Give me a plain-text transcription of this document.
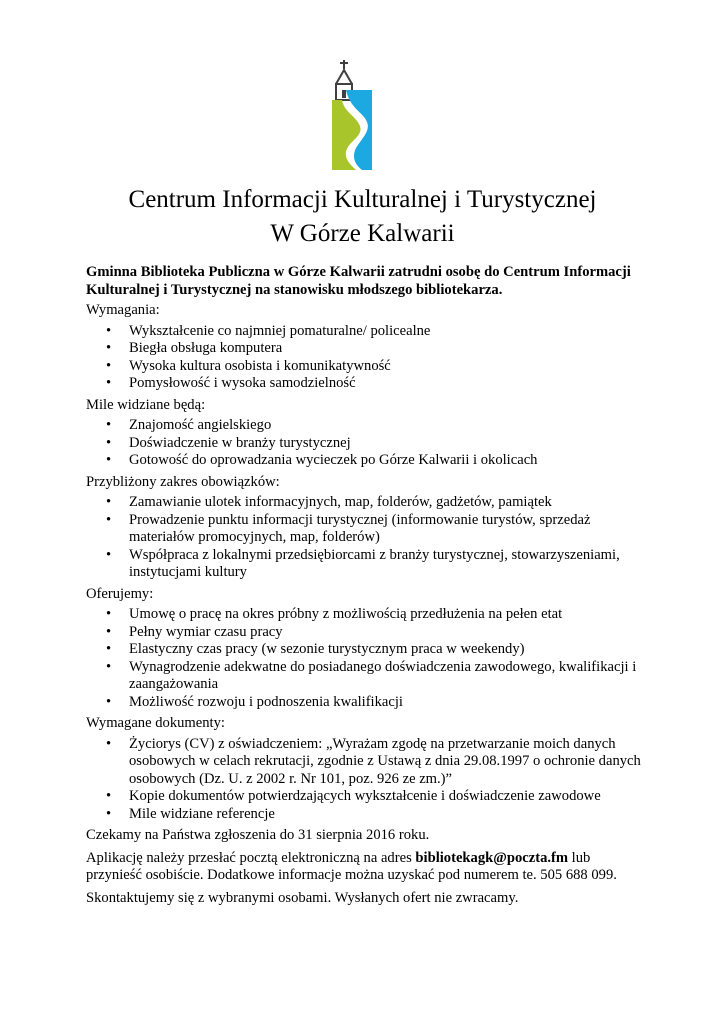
Centrum Informacji Kulturalnej i Turystycznej
W Górze Kalwarii

Gminna Biblioteka Publiczna w Górze Kalwarii zatrudni osobę do Centrum Informacji Kulturalnej i Turystycznej na stanowisku młodszego bibliotekarza.

Wymagania:

• Wykształcenie co najmniej pomaturalne/ policealne
• Biegła obsługa komputera
• Wysoka kultura osobista i komunikatywność
• Pomysłowość i wysoka samodzielność

Mile widziane będą:

• Znajomość angielskiego
• Doświadczenie w branży turystycznej
• Gotowość do oprowadzania wycieczek po Górze Kalwarii i okolicach

Przybliżony zakres obowiązków:

• Zamawianie ulotek informacyjnych, map, folderów, gadżetów, pamiątek
• Prowadzenie punktu informacji turystycznej (informowanie turystów, sprzedaż materiałów promocyjnych, map, folderów)
• Współpraca z lokalnymi przedsiębiorcami z branży turystycznej, stowarzyszeniami, instytucjami kultury

Oferujemy:

• Umowę o pracę na okres próbny z możliwością przedłużenia na pełen etat
• Pełny wymiar czasu pracy
• Elastyczny czas pracy (w sezonie turystycznym praca w weekendy)
• Wynagrodzenie adekwatne do posiadanego doświadczenia zawodowego, kwalifikacji i zaangażowania
• Możliwość rozwoju i podnoszenia kwalifikacji

Wymagane dokumenty:

• Życiorys (CV) z oświadczeniem: „Wyrażam zgodę na przetwarzanie moich danych osobowych w celach rekrutacji, zgodnie z Ustawą z dnia 29.08.1997 o ochronie danych osobowych (Dz. U. z 2002 r. Nr 101, poz. 926 ze zm.)”
• Kopie dokumentów potwierdzających wykształcenie i doświadczenie zawodowe
• Mile widziane referencje

Czekamy na Państwa zgłoszenia do 31 sierpnia 2016 roku.

Aplikację należy przesłać pocztą elektroniczną na adres bibliotekagk@poczta.fm lub przynieść osobiście. Dodatkowe informacje można uzyskać pod numerem te. 505 688 099.

Skontaktujemy się z wybranymi osobami. Wysłanych ofert nie zwracamy.
